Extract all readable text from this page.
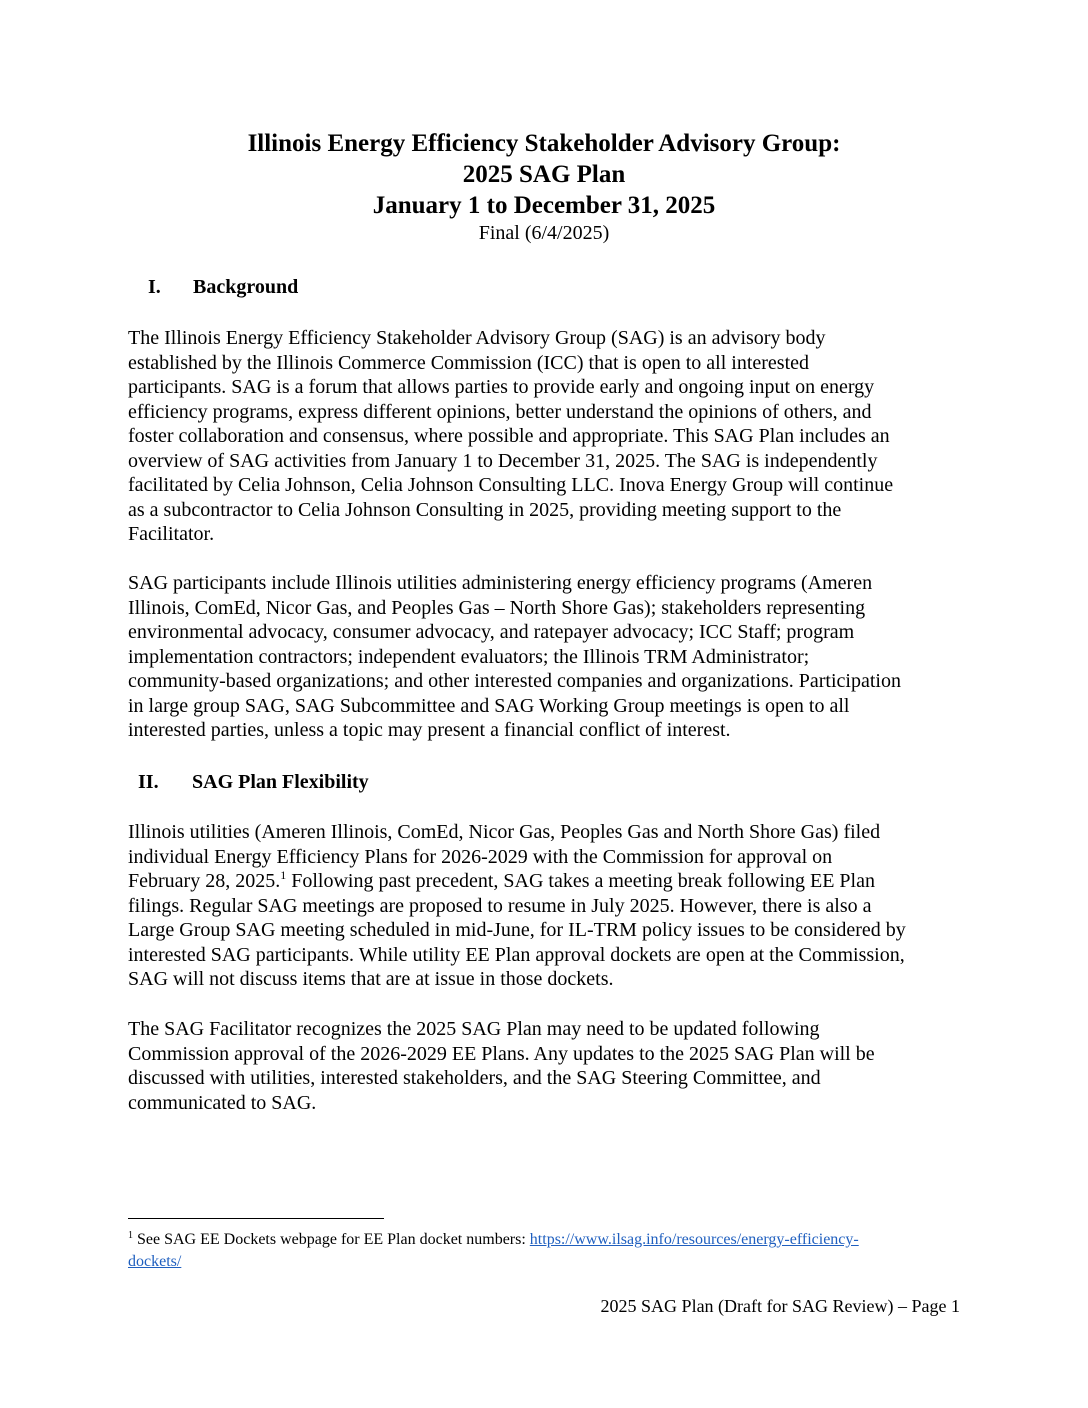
Illinois Energy Efficiency Stakeholder Advisory Group:
2025 SAG Plan
January 1 to December 31, 2025
Final (6/4/2025)
I. Background
The Illinois Energy Efficiency Stakeholder Advisory Group (SAG) is an advisory body
established by the Illinois Commerce Commission (ICC) that is open to all interested
participants. SAG is a forum that allows parties to provide early and ongoing input on energy
efficiency programs, express different opinions, better understand the opinions of others, and
foster collaboration and consensus, where possible and appropriate. This SAG Plan includes an
overview of SAG activities from January 1 to December 31, 2025. The SAG is independently
facilitated by Celia Johnson, Celia Johnson Consulting LLC. Inova Energy Group will continue
as a subcontractor to Celia Johnson Consulting in 2025, providing meeting support to the
Facilitator.
SAG participants include Illinois utilities administering energy efficiency programs (Ameren
Illinois, ComEd, Nicor Gas, and Peoples Gas – North Shore Gas); stakeholders representing
environmental advocacy, consumer advocacy, and ratepayer advocacy; ICC Staff; program
implementation contractors; independent evaluators; the Illinois TRM Administrator;
community-based organizations; and other interested companies and organizations. Participation
in large group SAG, SAG Subcommittee and SAG Working Group meetings is open to all
interested parties, unless a topic may present a financial conflict of interest.
II. SAG Plan Flexibility
Illinois utilities (Ameren Illinois, ComEd, Nicor Gas, Peoples Gas and North Shore Gas) filed
individual Energy Efficiency Plans for 2026-2029 with the Commission for approval on
February 28, 2025.$^1$ Following past precedent, SAG takes a meeting break following EE Plan
filings. Regular SAG meetings are proposed to resume in July 2025. However, there is also a
Large Group SAG meeting scheduled in mid-June, for IL-TRM policy issues to be considered by
interested SAG participants. While utility EE Plan approval dockets are open at the Commission,
SAG will not discuss items that are at issue in those dockets.
The SAG Facilitator recognizes the 2025 SAG Plan may need to be updated following
Commission approval of the 2026-2029 EE Plans. Any updates to the 2025 SAG Plan will be
discussed with utilities, interested stakeholders, and the SAG Steering Committee, and
communicated to SAG.
$^1$ See SAG EE Dockets webpage for EE Plan docket numbers: https://www.ilsag.info/resources/energy-efficiency-
dockets/
2025 SAG Plan (Draft for SAG Review) – Page 1
